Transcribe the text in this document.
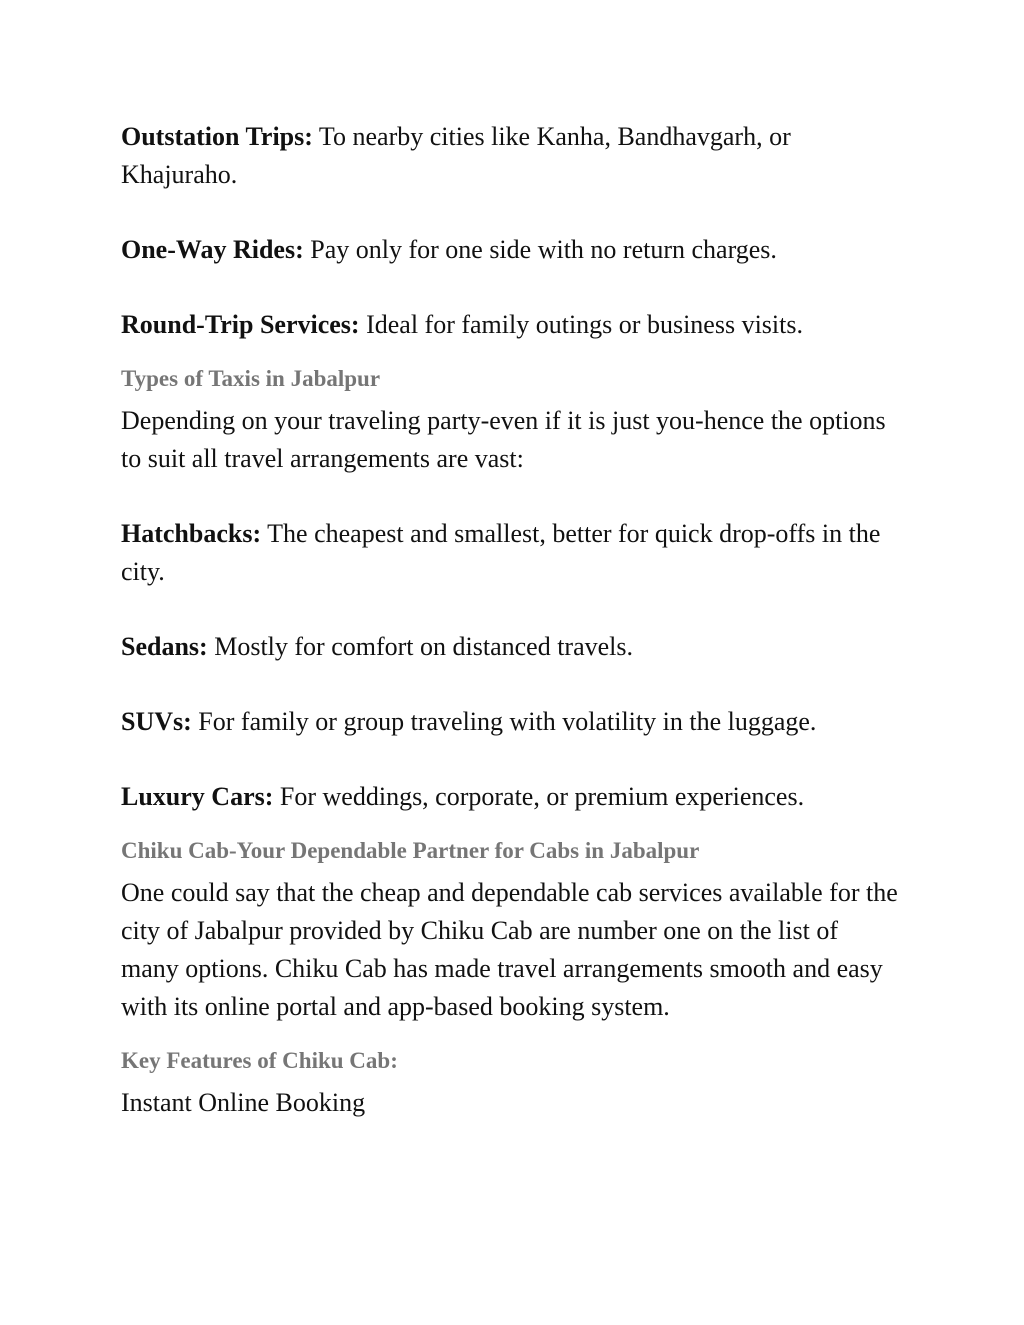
Outstation Trips: To nearby cities like Kanha, Bandhavgarh, or Khajuraho.

One-Way Rides: Pay only for one side with no return charges.

Round-Trip Services: Ideal for family outings or business visits.

Types of Taxis in Jabalpur

Depending on your traveling party-even if it is just you-hence the options to suit all travel arrangements are vast:

Hatchbacks: The cheapest and smallest, better for quick drop-offs in the city.

Sedans: Mostly for comfort on distanced travels.

SUVs: For family or group traveling with volatility in the luggage.

Luxury Cars: For weddings, corporate, or premium experiences.

Chiku Cab-Your Dependable Partner for Cabs in Jabalpur

One could say that the cheap and dependable cab services available for the city of Jabalpur provided by Chiku Cab are number one on the list of many options. Chiku Cab has made travel arrangements smooth and easy with its online portal and app-based booking system.

Key Features of Chiku Cab:

Instant Online Booking
